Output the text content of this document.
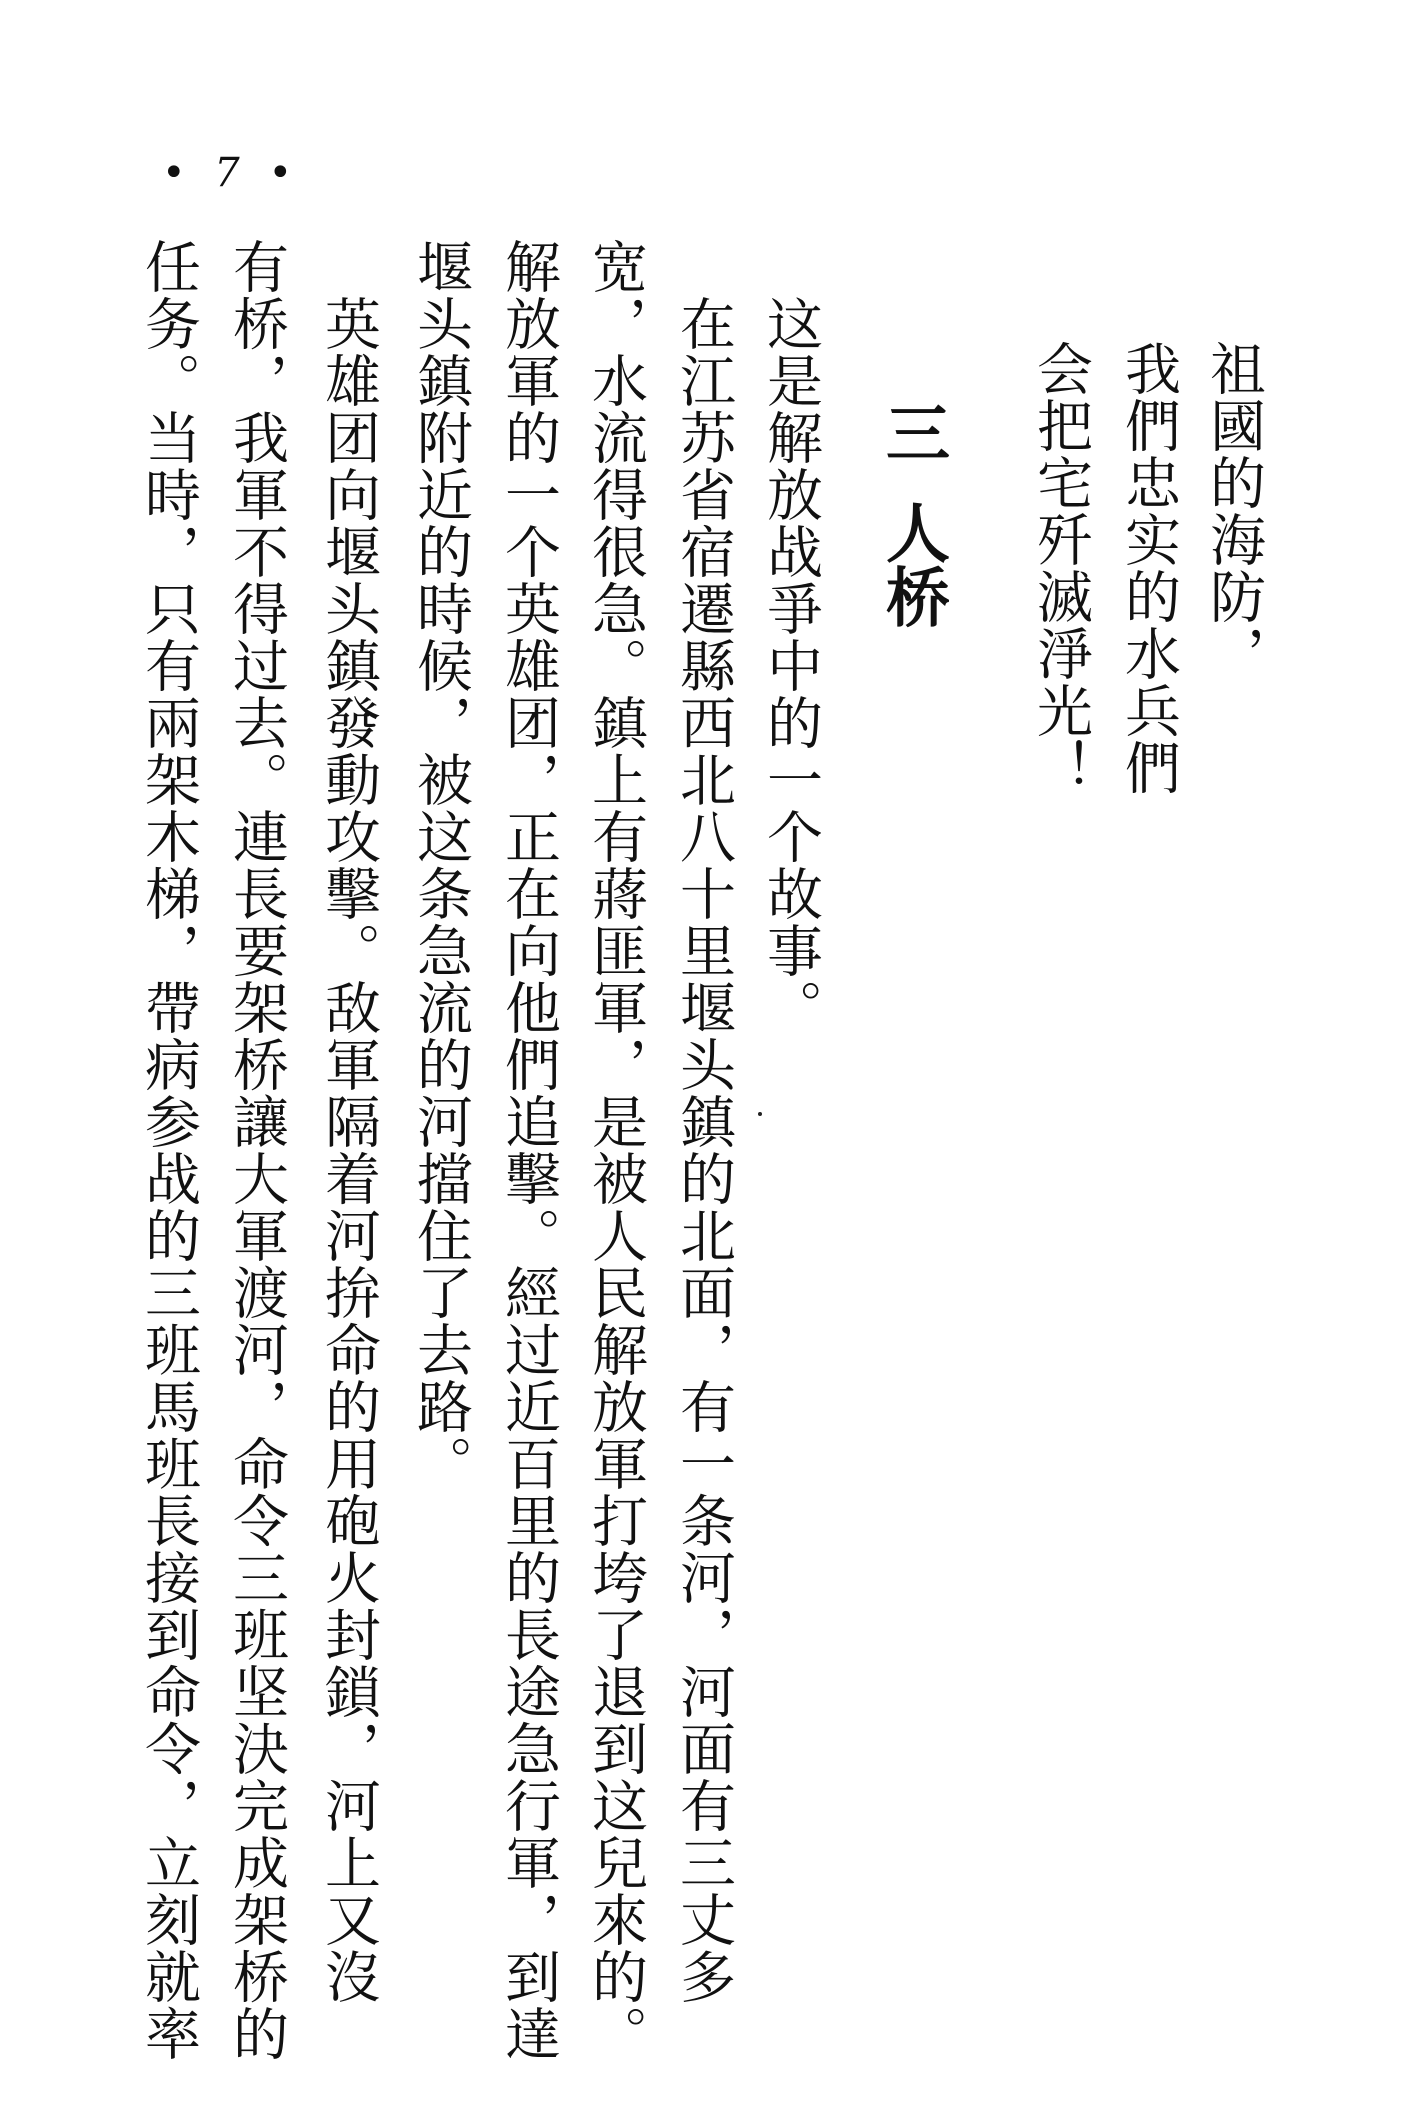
• 7 •
祖國的海防，
我們忠实的水兵們
会把宅歼滅淨光！
三人桥
这是解放战爭中的一个故事。
在江苏省宿遷縣西北八十里堰头鎮的北面，有一条河，河面有三丈多
宽，水流得很急。鎮上有蔣匪軍，是被人民解放軍打垮了退到这兒來的。
解放軍的一个英雄团，正在向他們追擊。經过近百里的長途急行軍，到達
堰头鎮附近的時候，被这条急流的河擋住了去路。
英雄团向堰头鎮發動攻擊。敌軍隔着河拚命的用砲火封鎖，河上又沒
有桥，我軍不得过去。連長要架桥讓大軍渡河，命令三班坚決完成架桥的
任务。当時，只有兩架木梯，帶病参战的三班馬班長接到命令，立刻就率
